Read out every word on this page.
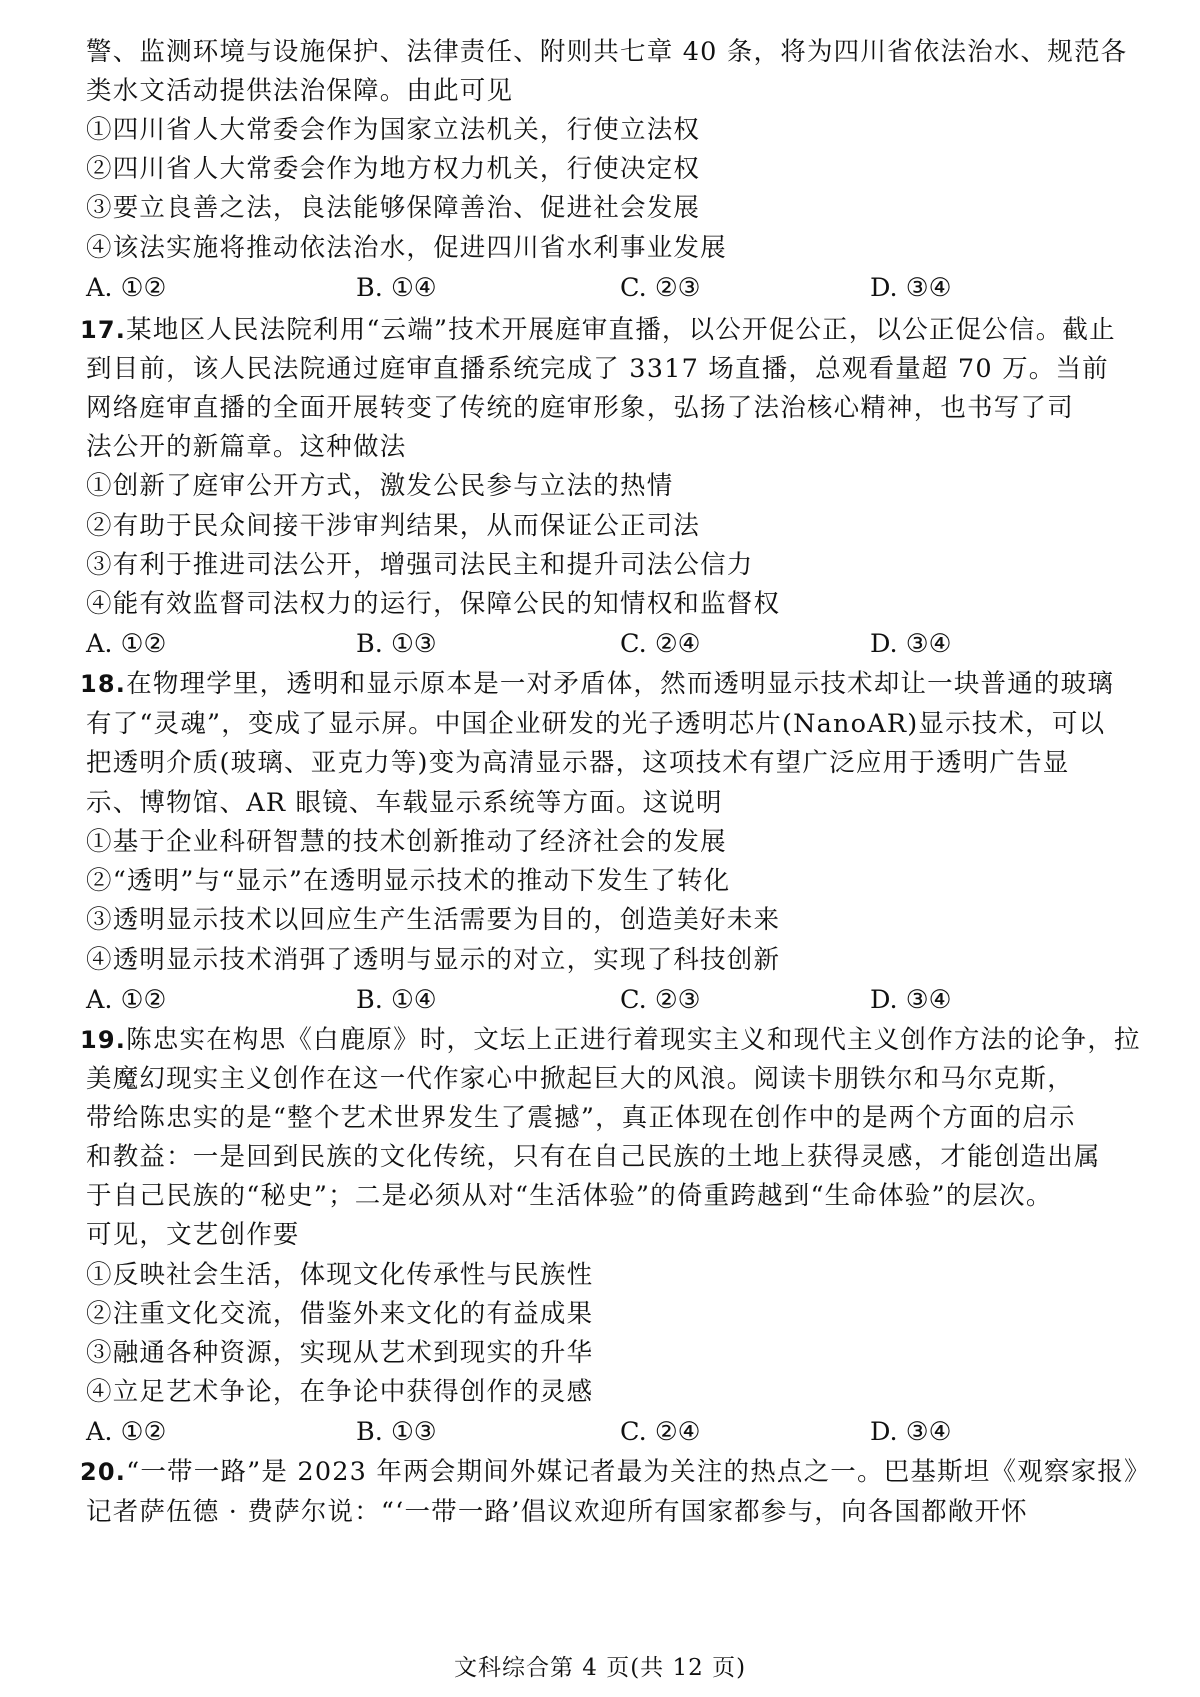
警、监测环境与设施保护、法律责任、附则共七章 40 条，将为四川省依法治水、规范各
类水文活动提供法治保障。由此可见
①四川省人大常委会作为国家立法机关，行使立法权
②四川省人大常委会作为地方权力机关，行使决定权
③要立良善之法，良法能够保障善治、促进社会发展
④该法实施将推动依法治水，促进四川省水利事业发展
A. ①②	B. ①④	C. ②③	D. ③④
17.某地区人民法院利用“云端”技术开展庭审直播，以公开促公正，以公正促公信。截止
到目前，该人民法院通过庭审直播系统完成了 3317 场直播，总观看量超 70 万。当前
网络庭审直播的全面开展转变了传统的庭审形象，弘扬了法治核心精神，也书写了司
法公开的新篇章。这种做法
①创新了庭审公开方式，激发公民参与立法的热情
②有助于民众间接干涉审判结果，从而保证公正司法
③有利于推进司法公开，增强司法民主和提升司法公信力
④能有效监督司法权力的运行，保障公民的知情权和监督权
A. ①②	B. ①③	C. ②④	D. ③④
18.在物理学里，透明和显示原本是一对矛盾体，然而透明显示技术却让一块普通的玻璃
有了“灵魂”，变成了显示屏。中国企业研发的光子透明芯片(NanoAR)显示技术，可以
把透明介质(玻璃、亚克力等)变为高清显示器，这项技术有望广泛应用于透明广告显
示、博物馆、AR 眼镜、车载显示系统等方面。这说明
①基于企业科研智慧的技术创新推动了经济社会的发展
②“透明”与“显示”在透明显示技术的推动下发生了转化
③透明显示技术以回应生产生活需要为目的，创造美好未来
④透明显示技术消弭了透明与显示的对立，实现了科技创新
A. ①②	B. ①④	C. ②③	D. ③④
19.陈忠实在构思《白鹿原》时，文坛上正进行着现实主义和现代主义创作方法的论争，拉
美魔幻现实主义创作在这一代作家心中掀起巨大的风浪。阅读卡朋铁尔和马尔克斯，
带给陈忠实的是“整个艺术世界发生了震撼”，真正体现在创作中的是两个方面的启示
和教益：一是回到民族的文化传统，只有在自己民族的土地上获得灵感，才能创造出属
于自己民族的“秘史”；二是必须从对“生活体验”的倚重跨越到“生命体验”的层次。
可见，文艺创作要
①反映社会生活，体现文化传承性与民族性
②注重文化交流，借鉴外来文化的有益成果
③融通各种资源，实现从艺术到现实的升华
④立足艺术争论，在争论中获得创作的灵感
A. ①②	B. ①③	C. ②④	D. ③④
20.“一带一路”是 2023 年两会期间外媒记者最为关注的热点之一。巴基斯坦《观察家报》
记者萨伍德 · 费萨尔说：“‘一带一路’倡议欢迎所有国家都参与，向各国都敞开怀
文科综合第 4 页(共 12 页)
